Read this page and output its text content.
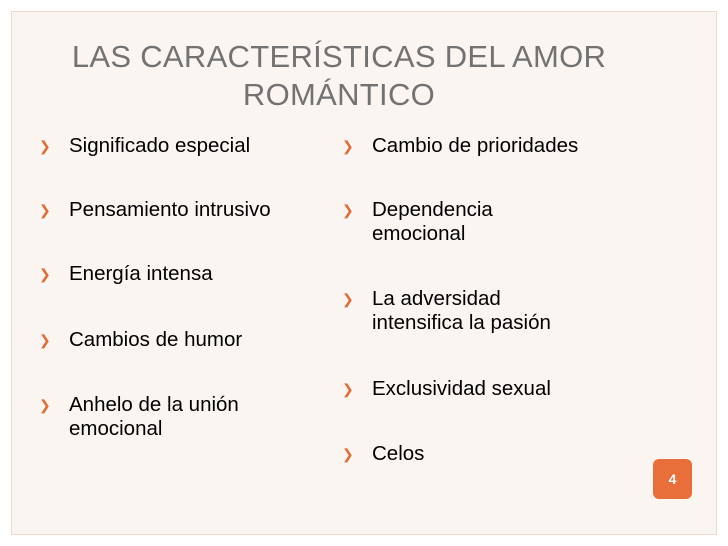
LAS CARACTERÍSTICAS DEL AMOR
ROMÁNTICO
❯ Significado especial
❯ Pensamiento intrusivo
❯ Energía intensa
❯ Cambios de humor
❯ Anhelo de la unión
emocional
❯ Cambio de prioridades
❯ Dependencia
emocional
❯ La adversidad
intensifica la pasión
❯ Exclusividad sexual
❯ Celos
4
